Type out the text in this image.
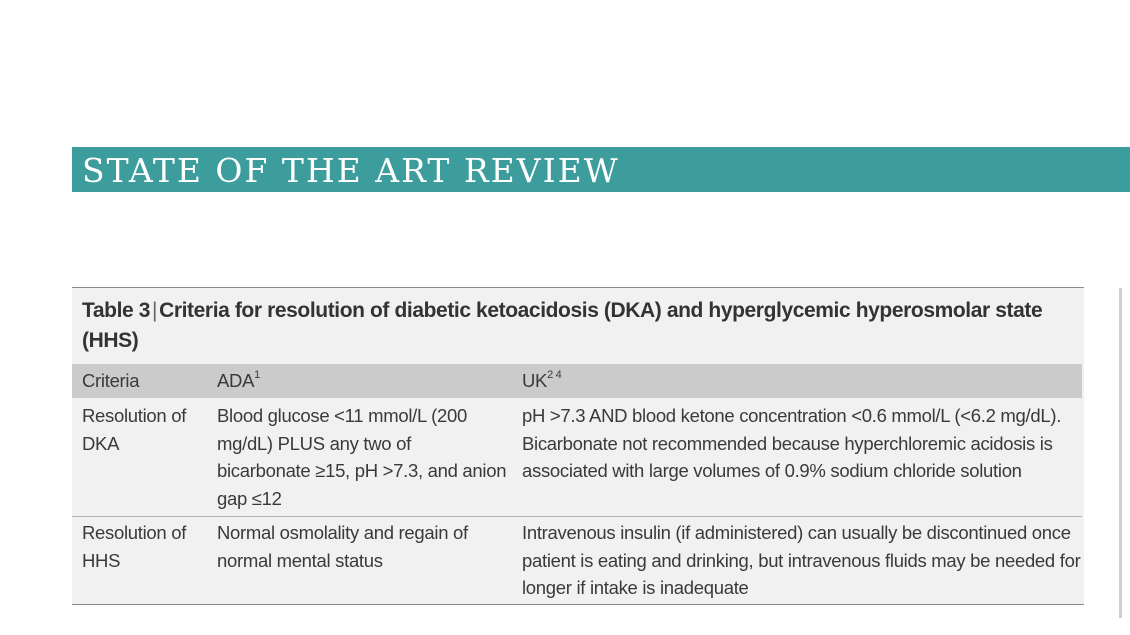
STATE OF THE ART REVIEW
Table 3|Criteria for resolution of diabetic ketoacidosis (DKA) and hyperglycemic hyperosmolar state (HHS)
Criteria	ADA$^1$	$UK^{2 4}$
Resolution of DKA
Blood glucose <11 mmol/L (200 mg/dL) PLUS any two of bicarbonate ≥15, pH >7.3, and anion gap ≤12
pH >7.3 AND blood ketone concentration <0.6 mmol/L (<6.2 mg/dL). Bicarbonate not recommended because hyperchloremic acidosis is associated with large volumes of 0.9% sodium chloride solution
Resolution of HHS
Normal osmolality and regain of normal mental status
Intravenous insulin (if administered) can usually be discontinued once patient is eating and drinking, but intravenous fluids may be needed for longer if intake is inadequate
